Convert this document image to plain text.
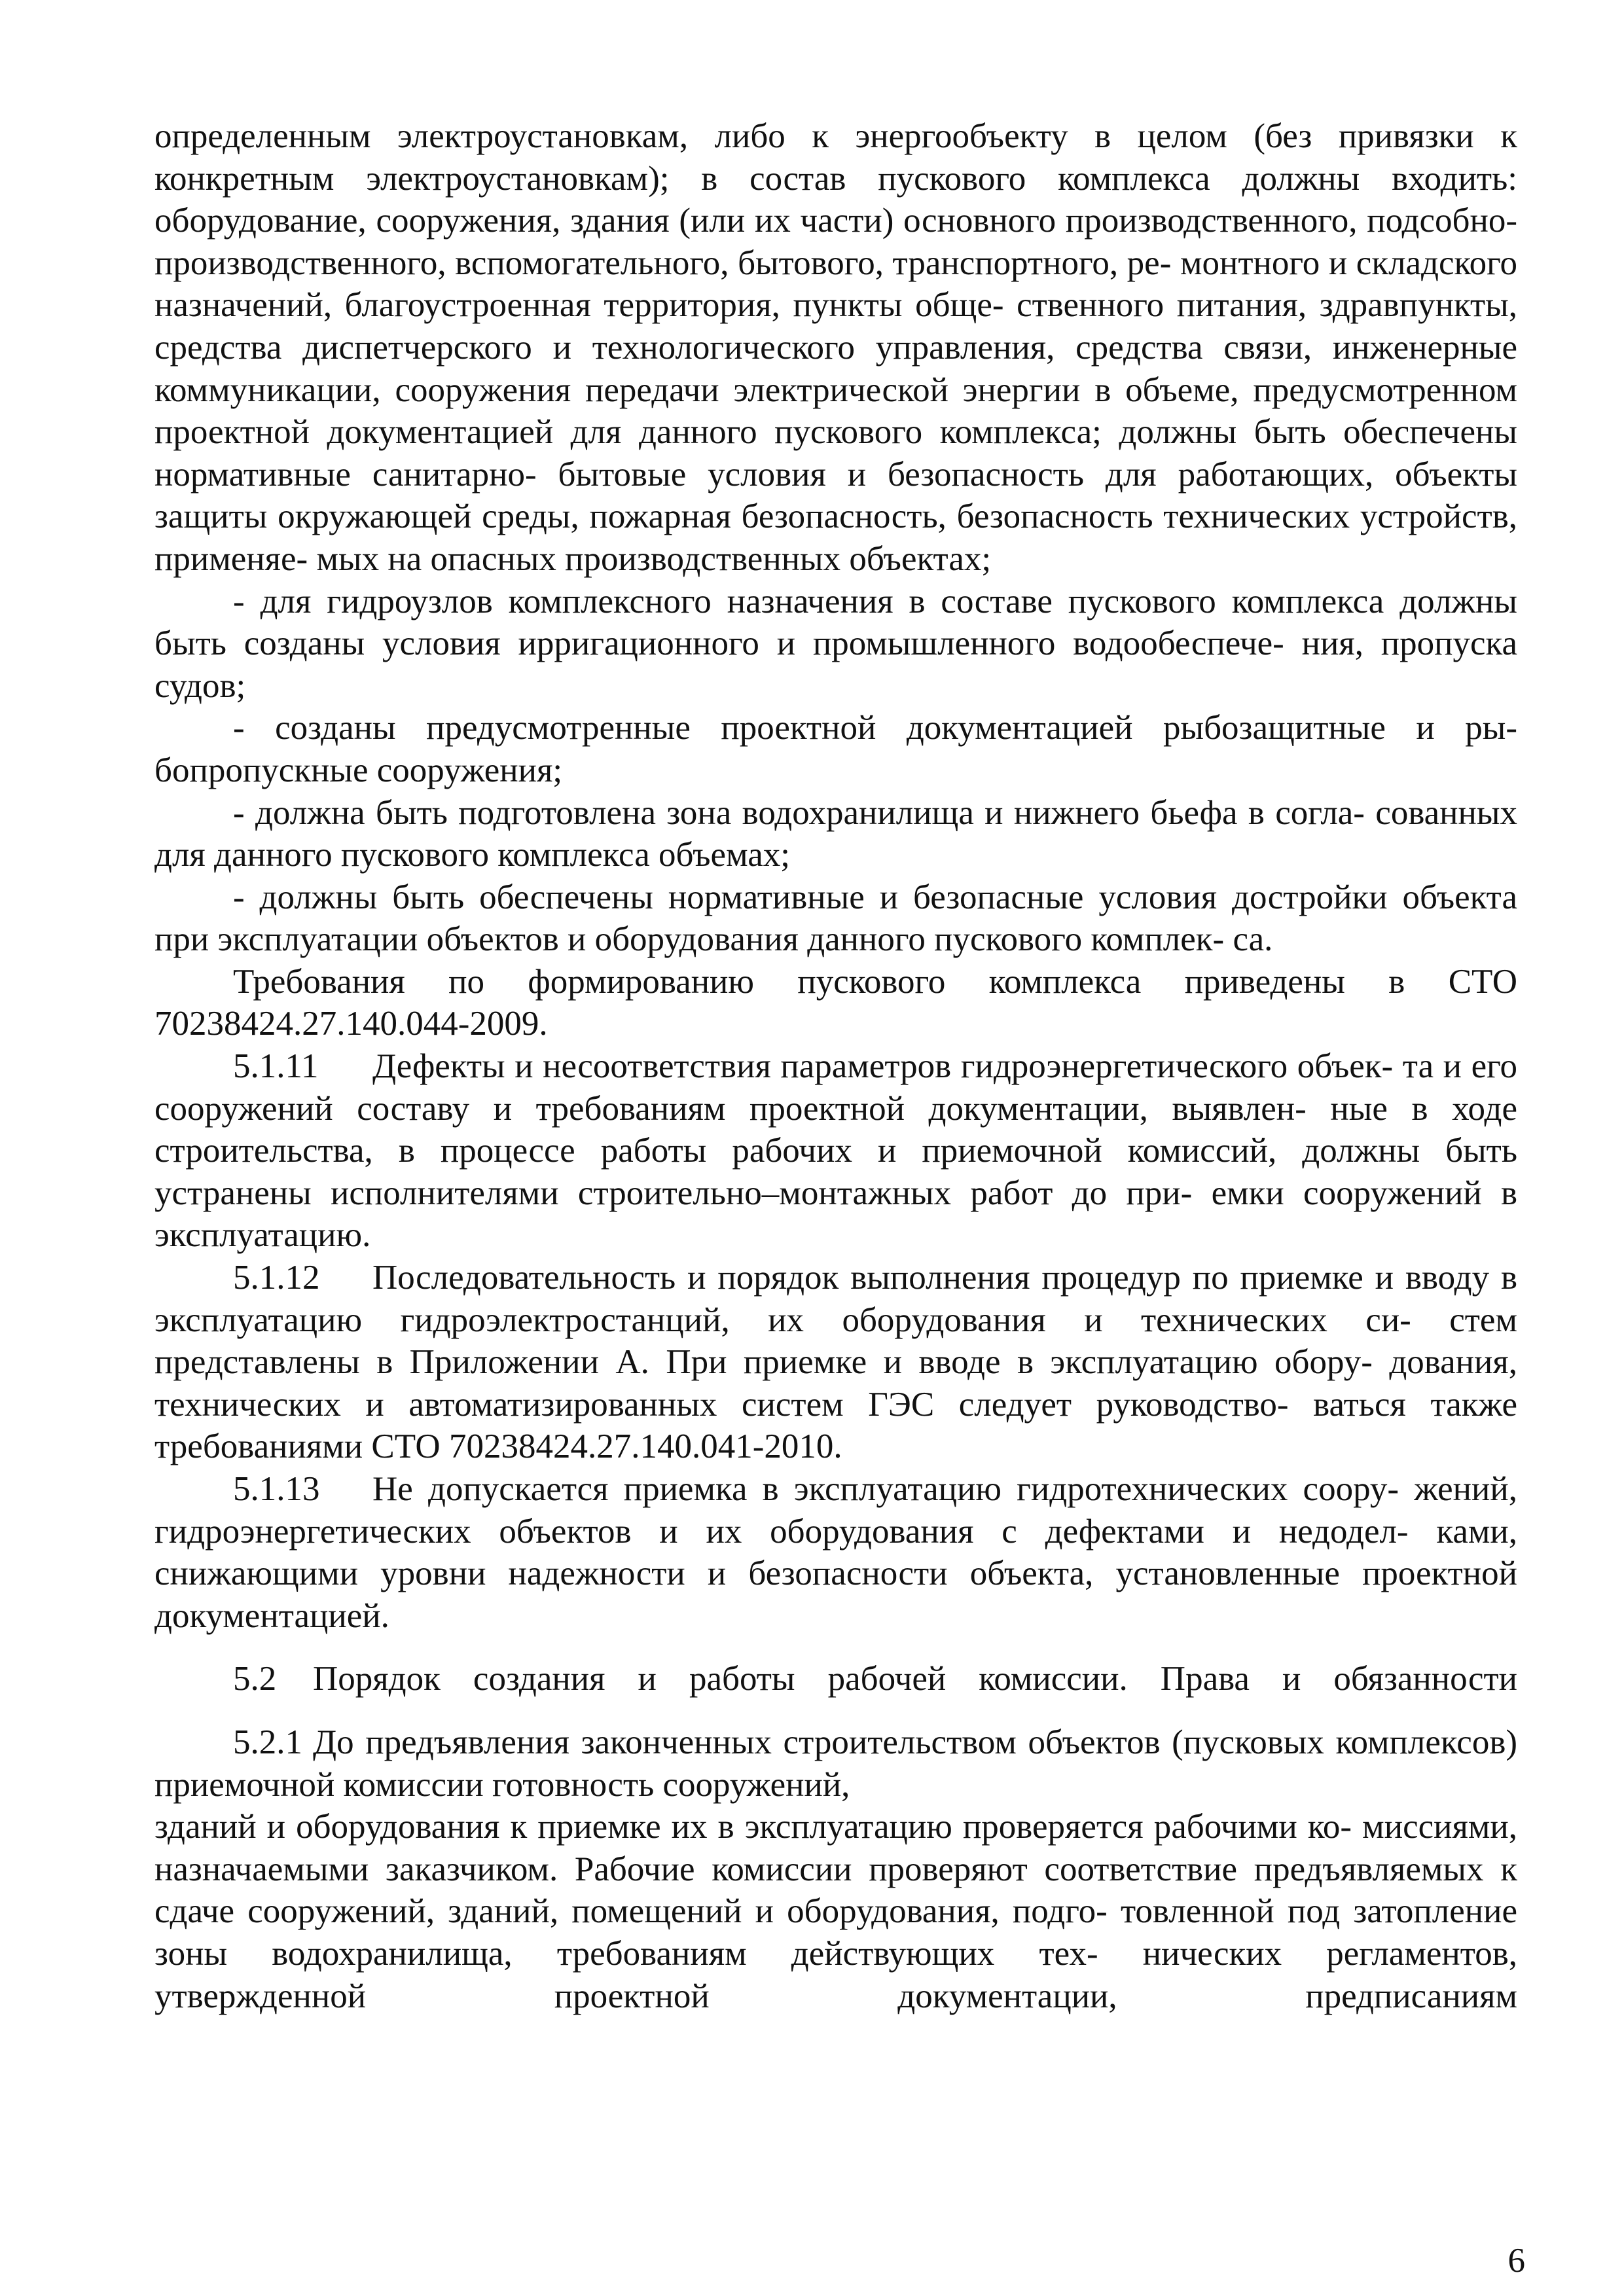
определенным электроустановкам, либо к энергообъекту в целом (без привязки к конкретным электроустановкам); в состав пускового комплекса должны входить: оборудование, сооружения, здания (или их части) основного производственного, подсобно-производственного, вспомогательного, бытового, транспортного, ре- монтного и складского назначений, благоустроенная территория, пункты обще- ственного питания, здравпункты, средства диспетчерского и технологического управления, средства связи, инженерные коммуникации, сооружения передачи электрической энергии в объеме, предусмотренном проектной документацией для данного пускового комплекса; должны быть обеспечены нормативные санитарно- бытовые условия и безопасность для работающих, объекты защиты окружающей среды, пожарная безопасность, безопасность технических устройств, применяе- мых на опасных производственных объектах;

- для гидроузлов комплексного назначения в составе пускового комплекса должны быть созданы условия ирригационного и промышленного водообеспече- ния, пропуска судов;

- созданы предусмотренные проектной документацией рыбозащитные и ры- бопропускные сооружения;

- должна быть подготовлена зона водохранилища и нижнего бьефа в согла- сованных для данного пускового комплекса объемах;

- должны быть обеспечены нормативные и безопасные условия достройки объекта при эксплуатации объектов и оборудования данного пускового комплек- са.

Требования по формированию пускового комплекса приведены в СТО 70238424.27.140.044-2009.

5.1.11 Дефекты и несоответствия параметров гидроэнергетического объек- та и его сооружений составу и требованиям проектной документации, выявлен- ные в ходе строительства, в процессе работы рабочих и приемочной комиссий, должны быть устранены исполнителями строительно–монтажных работ до при- емки сооружений в эксплуатацию.

5.1.12 Последовательность и порядок выполнения процедур по приемке и вводу в эксплуатацию гидроэлектростанций, их оборудования и технических си- стем представлены в Приложении А. При приемке и вводе в эксплуатацию обору- дования, технических и автоматизированных систем ГЭС следует руководство- ваться также требованиями СТО 70238424.27.140.041-2010.

5.1.13 Не допускается приемка в эксплуатацию гидротехнических соору- жений, гидроэнергетических объектов и их оборудования с дефектами и недодел- ками, снижающими уровни надежности и безопасности объекта, установленные проектной документацией.

5.2 Порядок создания и работы рабочей комиссии. Права и обязанности

5.2.1 До предъявления законченных строительством объектов (пусковых комплексов) приемочной комиссии готовность сооружений,

зданий и оборудования к приемке их в эксплуатацию проверяется рабочими ко- миссиями, назначаемыми заказчиком. Рабочие комиссии проверяют соответствие предъявляемых к сдаче сооружений, зданий, помещений и оборудования, подго- товленной под затопление зоны водохранилища, требованиям действующих тех- нических регламентов, утвержденной проектной документации, предписаниям

6
